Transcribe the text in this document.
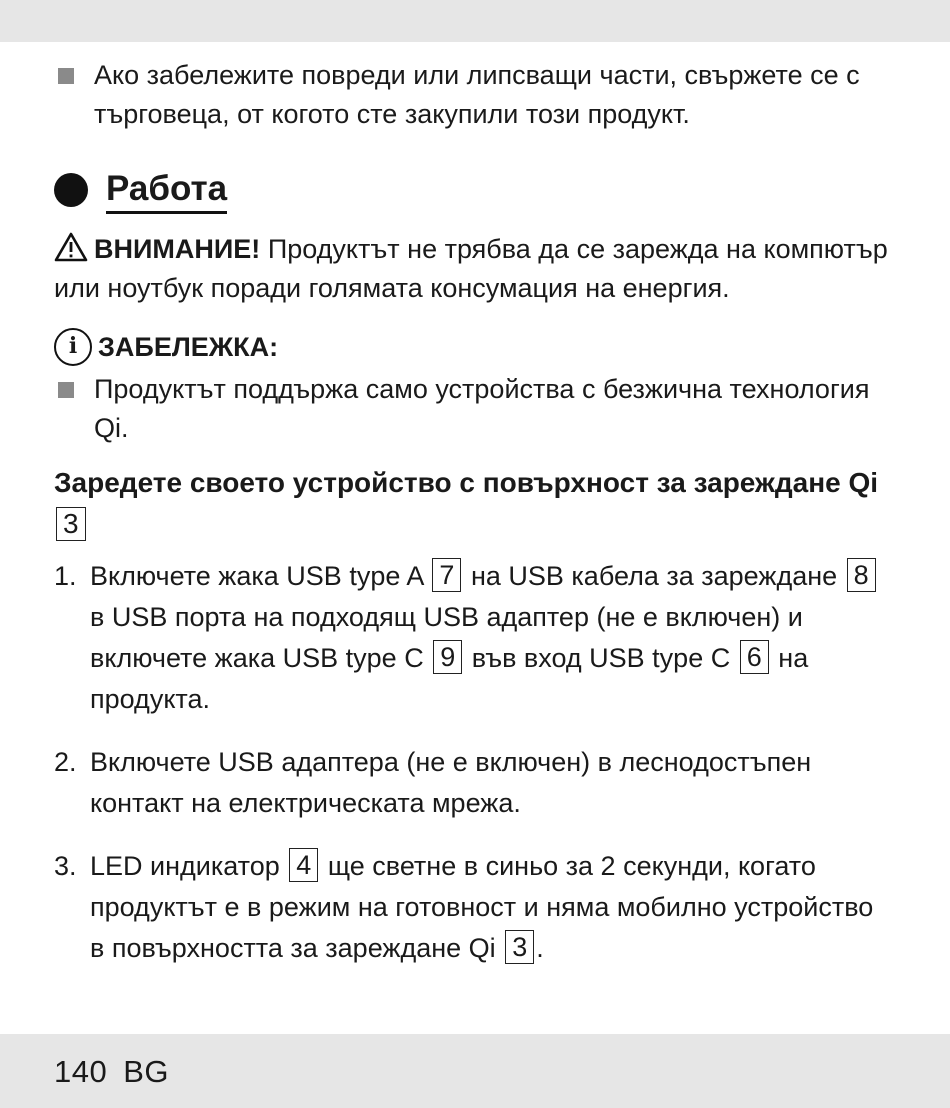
Ако забележите повреди или липсващи части, свържете се с търговеца, от когото сте закупили този продукт.
Работа
ВНИМАНИЕ! Продуктът не трябва да се зарежда на компютър или ноутбук поради голямата консумация на енергия.
i ЗАБЕЛЕЖКА:
Продуктът поддържа само устройства с безжична технология Qi.
Заредете своето устройство с повърхност за зареждане Qi 3
1. Включете жака USB type A 7 на USB кабела за зареждане 8 в USB порта на подходящ USB адаптер (не е включен) и включете жака USB type C 9 във вход USB type C 6 на продукта.
2. Включете USB адаптера (не е включен) в леснодостъпен контакт на електрическата мрежа.
3. LED индикатор 4 ще светне в синьо за 2 секунди, когато продуктът е в режим на готовност и няма мобилно устройство в повърхността за зареждане Qi 3 .
140 BG
